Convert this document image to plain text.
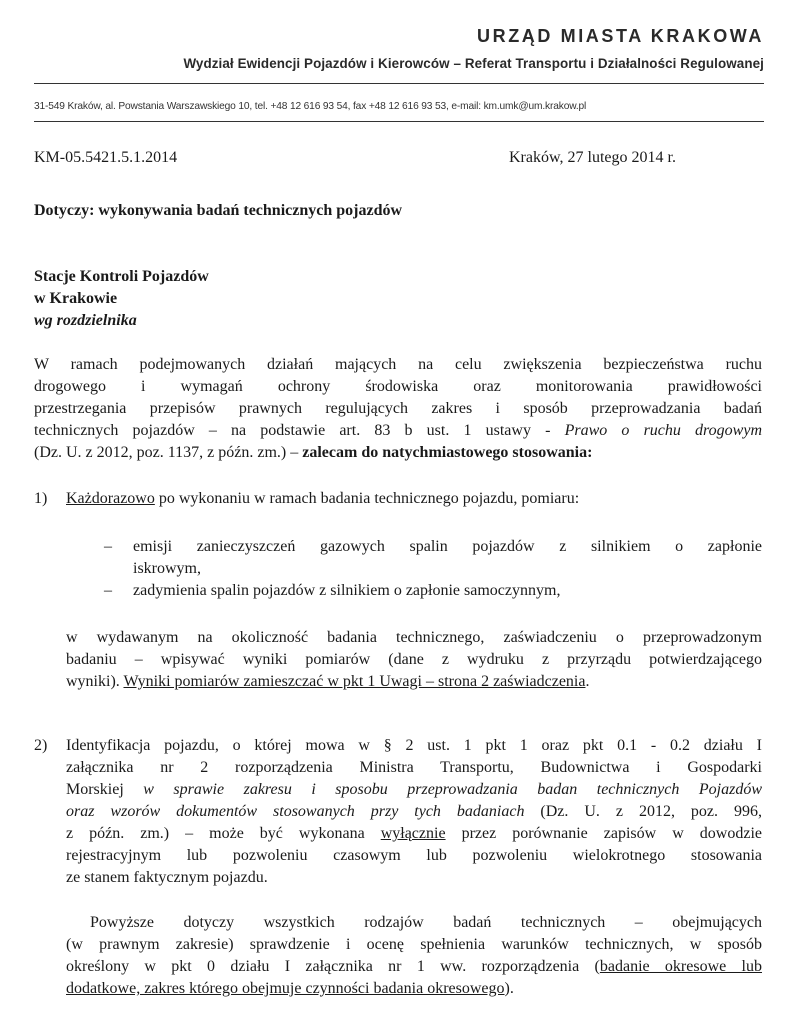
URZĄD MIASTA KRAKOWA
Wydział Ewidencji Pojazdów i Kierowców – Referat Transportu i Działalności Regulowanej
31-549 Kraków, al. Powstania Warszawskiego 10, tel. +48 12 616 93 54, fax +48 12 616 93 53, e-mail: km.umk@um.krakow.pl
KM-05.5421.5.1.2014	Kraków, 27 lutego 2014 r.
Dotyczy: wykonywania badań technicznych pojazdów
Stacje Kontroli Pojazdów
w Krakowie
wg rozdzielnika
W ramach podejmowanych działań mających na celu zwiększenia bezpieczeństwa ruchu
drogowego i wymagań ochrony środowiska oraz monitorowania prawidłowości
przestrzegania przepisów prawnych regulujących zakres i sposób przeprowadzania badań
technicznych pojazdów – na podstawie art. 83 b ust. 1 ustawy - Prawo o ruchu drogowym
(Dz. U. z 2012, poz. 1137, z późn. zm.) – zalecam do natychmiastowego stosowania:
1) Każdorazowo po wykonaniu w ramach badania technicznego pojazdu, pomiaru:
– emisji zanieczyszczeń gazowych spalin pojazdów z silnikiem o zapłonie
iskrowym,
– zadymienia spalin pojazdów z silnikiem o zapłonie samoczynnym,
w wydawanym na okoliczność badania technicznego, zaświadczeniu o przeprowadzonym
badaniu – wpisywać wyniki pomiarów (dane z wydruku z przyrządu potwierdzającego
wyniki). Wyniki pomiarów zamieszczać w pkt 1 Uwagi – strona 2 zaświadczenia.
2) Identyfikacja pojazdu, o której mowa w § 2 ust. 1 pkt 1 oraz pkt 0.1 - 0.2 działu I
załącznika nr 2 rozporządzenia Ministra Transportu, Budownictwa i Gospodarki
Morskiej w sprawie zakresu i sposobu przeprowadzania badan technicznych Pojazdów
oraz wzorów dokumentów stosowanych przy tych badaniach (Dz. U. z 2012, poz. 996,
z późn. zm.) – może być wykonana wyłącznie przez porównanie zapisów w dowodzie
rejestracyjnym lub pozwoleniu czasowym lub pozwoleniu wielokrotnego stosowania
ze stanem faktycznym pojazdu.
Powyższe dotyczy wszystkich rodzajów badań technicznych – obejmujących
(w prawnym zakresie) sprawdzenie i ocenę spełnienia warunków technicznych, w sposób
określony w pkt 0 działu I załącznika nr 1 ww. rozporządzenia (badanie okresowe lub
dodatkowe, zakres którego obejmuje czynności badania okresowego).
